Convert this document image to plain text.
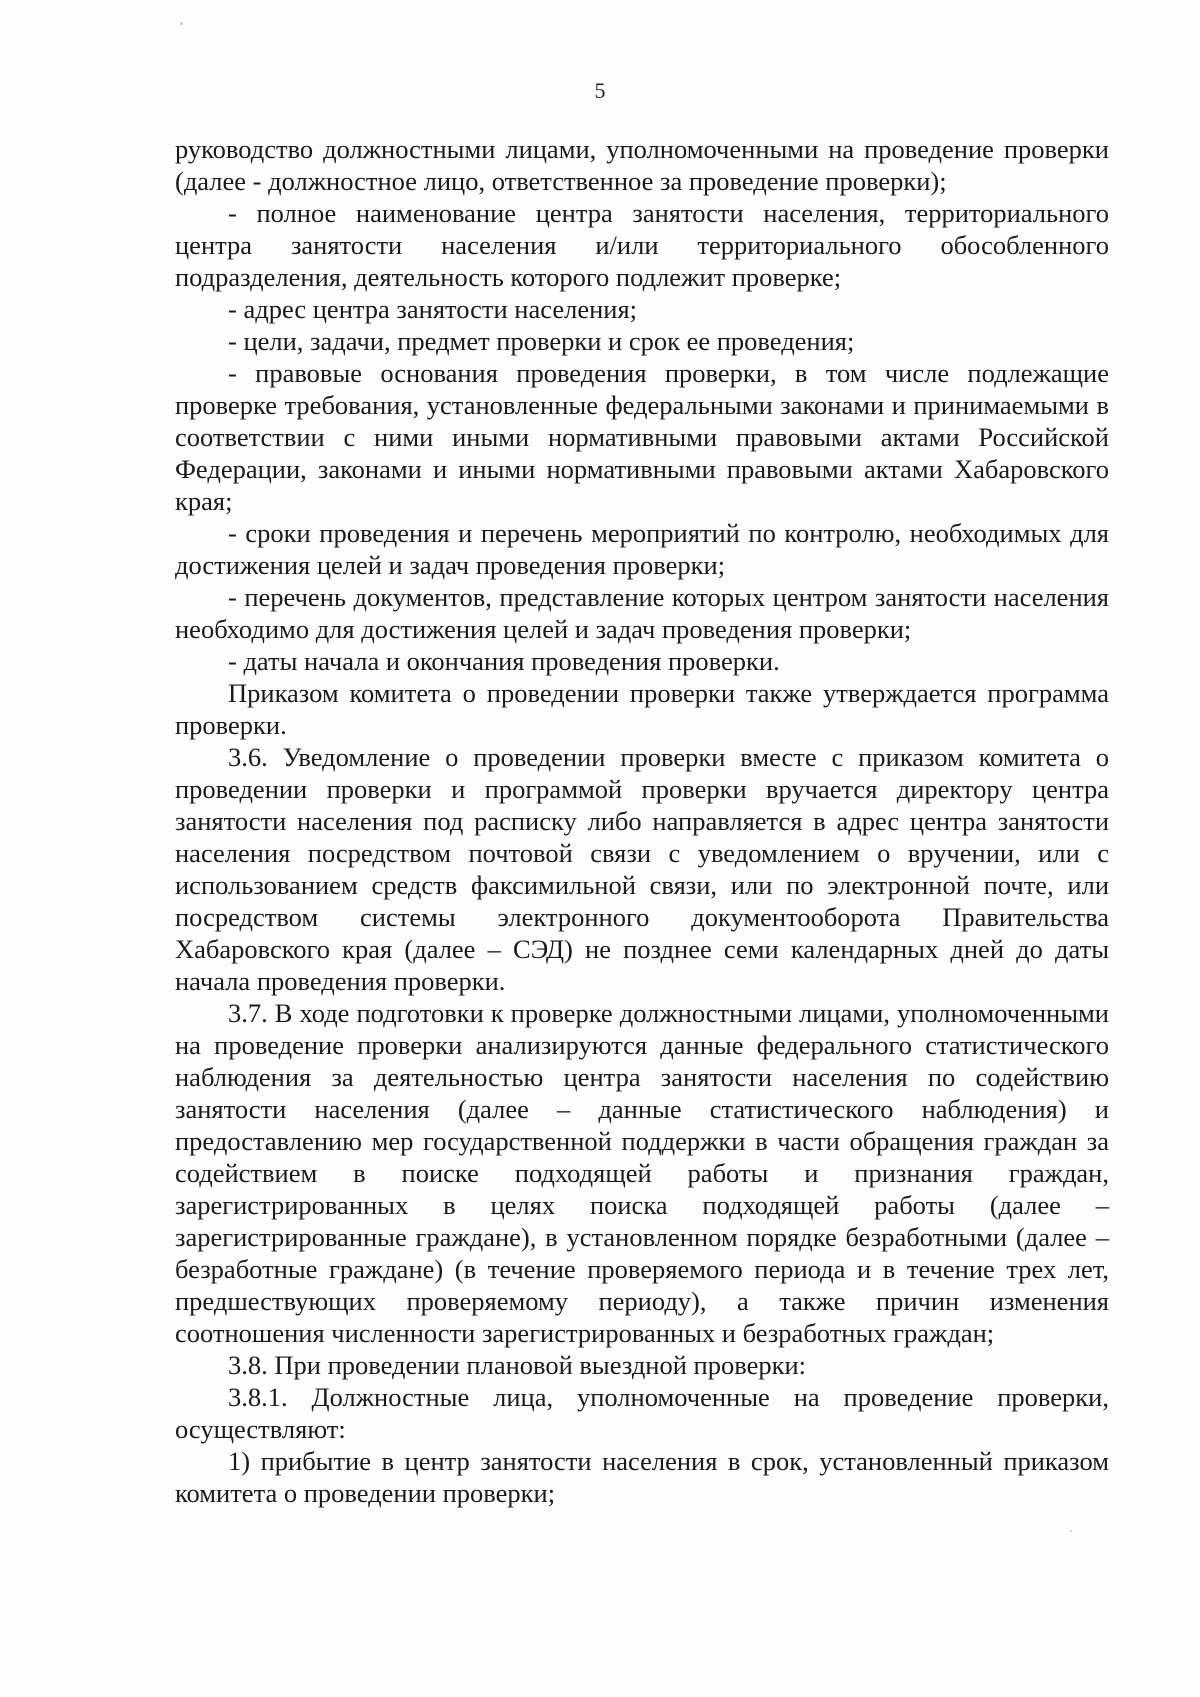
5

руководство должностными лицами, уполномоченными на проведение проверки (далее - должностное лицо, ответственное за проведение проверки);

- полное наименование центра занятости населения, территориального центра занятости населения и/или территориального обособленного подразделения, деятельность которого подлежит проверке;

- адрес центра занятости населения;

- цели, задачи, предмет проверки и срок ее проведения;

- правовые основания проведения проверки, в том числе подлежащие проверке требования, установленные федеральными законами и принимаемыми в соответствии с ними иными нормативными правовыми актами Российской Федерации, законами и иными нормативными правовыми актами Хабаровского края;

- сроки проведения и перечень мероприятий по контролю, необходимых для достижения целей и задач проведения проверки;

- перечень документов, представление которых центром занятости населения необходимо для достижения целей и задач проведения проверки;

- даты начала и окончания проведения проверки.

Приказом комитета о проведении проверки также утверждается программа проверки.

3.6. Уведомление о проведении проверки вместе с приказом комитета о проведении проверки и программой проверки вручается директору центра занятости населения под расписку либо направляется в адрес центра занятости населения посредством почтовой связи с уведомлением о вручении, или с использованием средств факсимильной связи, или по электронной почте, или посредством системы электронного документооборота Правительства Хабаровского края (далее – СЭД) не позднее семи календарных дней до даты начала проведения проверки.

3.7. В ходе подготовки к проверке должностными лицами, уполномоченными на проведение проверки анализируются данные федерального статистического наблюдения за деятельностью центра занятости населения по содействию занятости населения (далее – данные статистического наблюдения) и предоставлению мер государственной поддержки в части обращения граждан за содействием в поиске подходящей работы и признания граждан, зарегистрированных в целях поиска подходящей работы (далее – зарегистрированные граждане), в установленном порядке безработными (далее – безработные граждане) (в течение проверяемого периода и в течение трех лет, предшествующих проверяемому периоду), а также причин изменения соотношения численности зарегистрированных и безработных граждан;

3.8. При проведении плановой выездной проверки:

3.8.1. Должностные лица, уполномоченные на проведение проверки, осуществляют:

1) прибытие в центр занятости населения в срок, установленный приказом комитета о проведении проверки;
